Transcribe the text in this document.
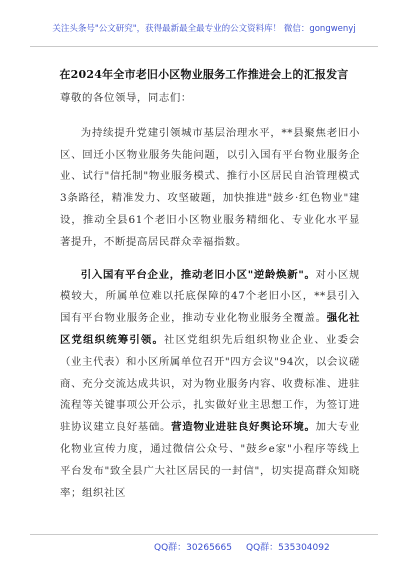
关注头条号"公文研究"，获得最新最全最专业的公文资料库！ 微信：gongwenyj
在2024年全市老旧小区物业服务工作推进会上的汇报发言

尊敬的各位领导，同志们：

为持续提升党建引领城市基层治理水平，**县聚焦老旧小区、回迁小区物业服务失能问题，以引入国有平台物业服务企业、试行"信托制"物业服务模式、推行小区居民自治管理模式3条路径，精准发力、攻坚破题，加快推进"鼓乡·红色物业"建设，推动全县61个老旧小区物业服务精细化、专业化水平显著提升，不断提高居民群众幸福指数。

引入国有平台企业，推动老旧小区"逆龄焕新"。对小区规模较大，所属单位难以托底保障的47个老旧小区，**县引入国有平台物业服务企业，推动专业化物业服务全覆盖。强化社区党组织统筹引领。社区党组织先后组织物业企业、业委会（业主代表）和小区所属单位召开"四方会议"94次，以会议磋商、充分交流达成共识，对为物业服务内容、收费标准、进驻流程等关键事项公开公示，扎实做好业主思想工作，为签订进驻协议建立良好基础。营造物业进驻良好舆论环境。加大专业化物业宣传力度，通过微信公众号、"鼓乡e家"小程序等线上平台发布"致全县广大社区居民的一封信"，切实提高群众知晓率；组织社区

QQ群：30265665 QQ群：535304092
